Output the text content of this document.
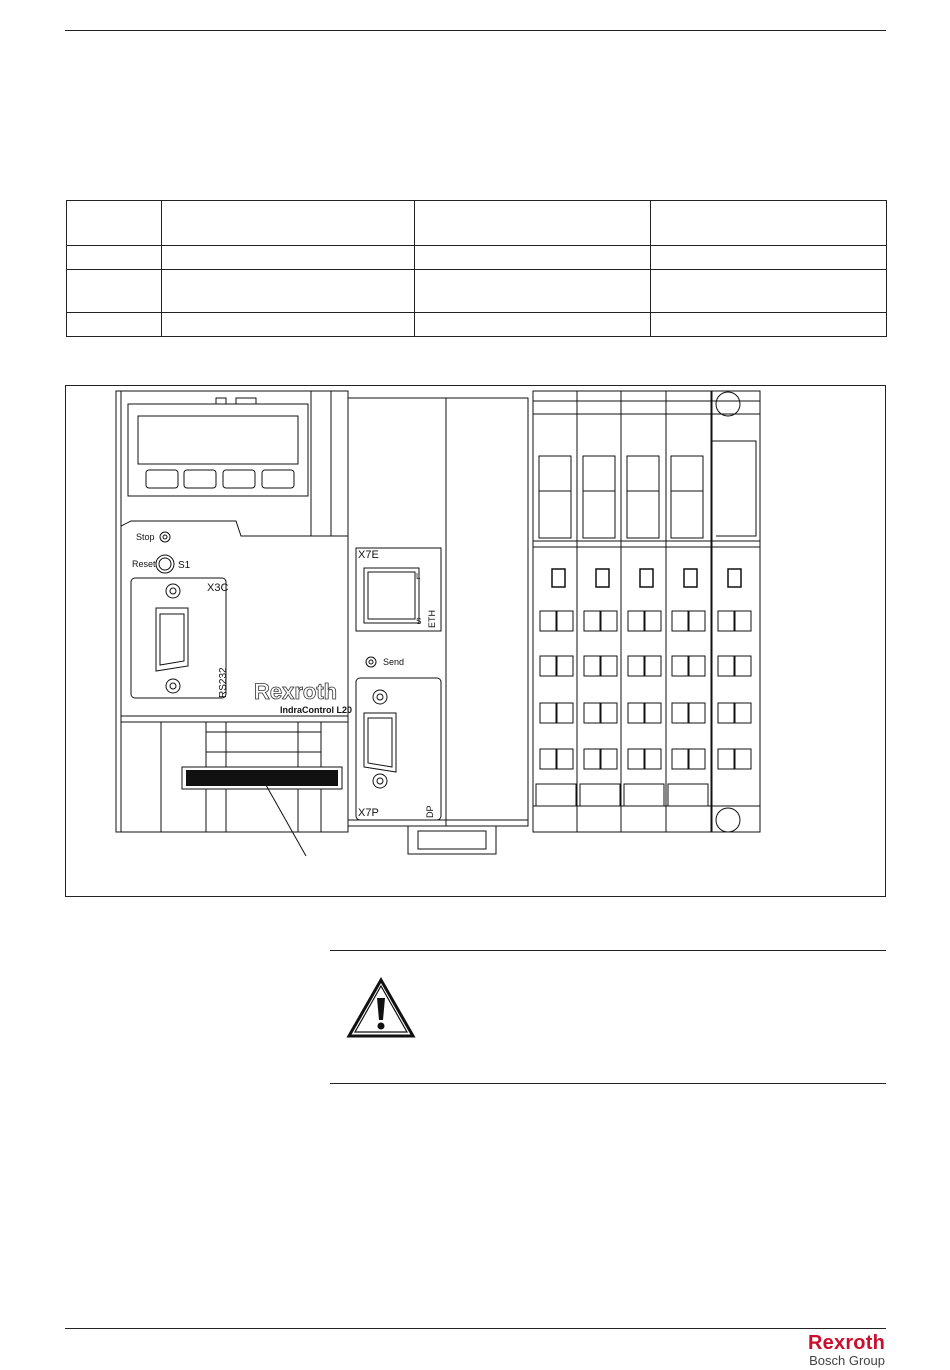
Stop
Reset S1
X3C
RS232 Rexroth
IndraControl L20
X7E
L
S ETH
Send
X7P	DP
Rexroth
Bosch Group
